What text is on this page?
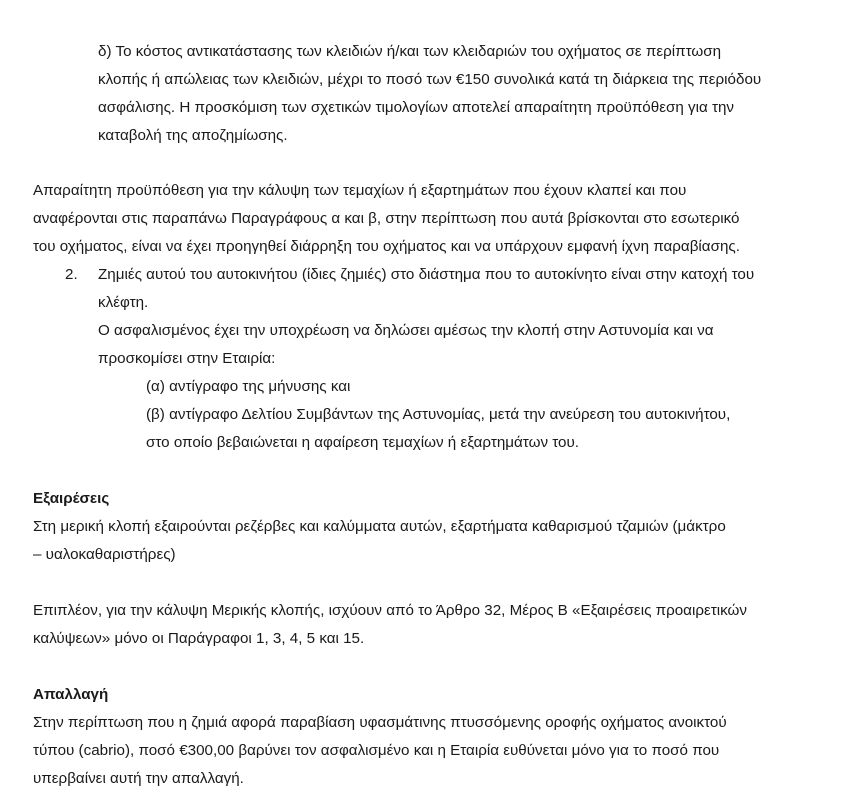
δ) Το κόστος αντικατάστασης των κλειδιών ή/και των κλειδαριών του οχήματος σε περίπτωση
κλοπής ή απώλειας των κλειδιών, μέχρι το ποσό των €150 συνολικά κατά τη διάρκεια της περιόδου
ασφάλισης. Η προσκόμιση των σχετικών τιμολογίων αποτελεί απαραίτητη προϋπόθεση για την
καταβολή της αποζημίωσης.
Απαραίτητη προϋπόθεση για την κάλυψη των τεμαχίων ή εξαρτημάτων που έχουν κλαπεί και που
αναφέρονται στις παραπάνω Παραγράφους α και β, στην περίπτωση που αυτά βρίσκονται στο εσωτερικό
του οχήματος, είναι να έχει προηγηθεί διάρρηξη του οχήματος και να υπάρχουν εμφανή ίχνη παραβίασης.
2. Ζημιές αυτού του αυτοκινήτου (ίδιες ζημιές) στο διάστημα που το αυτοκίνητο είναι στην κατοχή του
κλέφτη.
Ο ασφαλισμένος έχει την υποχρέωση να δηλώσει αμέσως την κλοπή στην Αστυνομία και να
προσκομίσει στην Εταιρία:
(α) αντίγραφο της μήνυσης και
(β) αντίγραφο Δελτίου Συμβάντων της Αστυνομίας, μετά την ανεύρεση του αυτοκινήτου,
στο οποίο βεβαιώνεται η αφαίρεση τεμαχίων ή εξαρτημάτων του.
Εξαιρέσεις
Στη μερική κλοπή εξαιρούνται ρεζέρβες και καλύμματα αυτών, εξαρτήματα καθαρισμού τζαμιών (μάκτρο
– υαλοκαθαριστήρες)
Επιπλέον, για την κάλυψη Μερικής κλοπής, ισχύουν από το Άρθρο 32, Μέρος Β «Εξαιρέσεις προαιρετικών
καλύψεων» μόνο οι Παράγραφοι 1, 3, 4, 5 και 15.
Απαλλαγή
Στην περίπτωση που η ζημιά αφορά παραβίαση υφασμάτινης πτυσσόμενης οροφής οχήματος ανοικτού
τύπου (cabrio), ποσό €300,00 βαρύνει τον ασφαλισμένο και η Εταιρία ευθύνεται μόνο για το ποσό που
υπερβαίνει αυτή την απαλλαγή.
